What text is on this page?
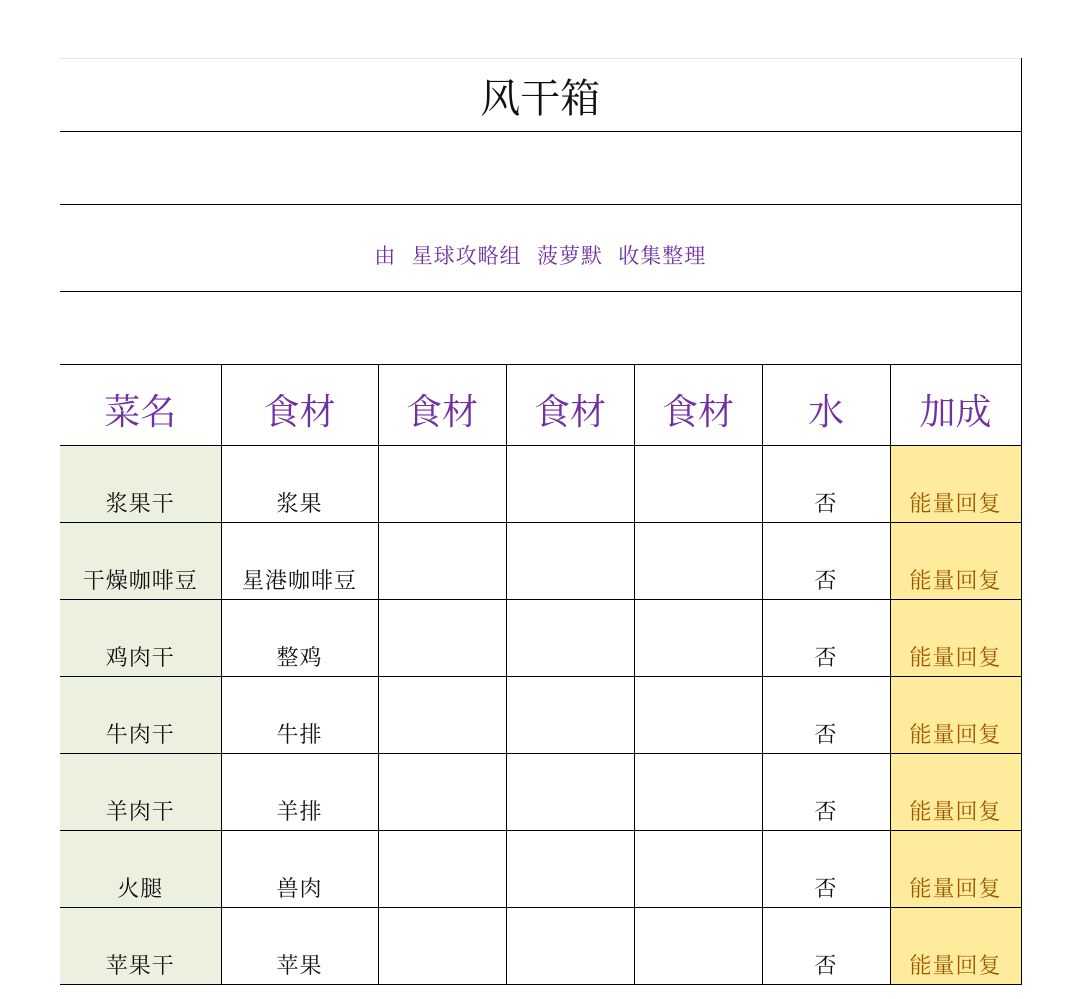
风干箱						

由  星球攻略组  菠萝默  收集整理						

菜名	食材	食材	食材	食材	水	加成
浆果干	浆果				否	能量回复
干燥咖啡豆	星港咖啡豆				否	能量回复
鸡肉干	整鸡				否	能量回复
牛肉干	牛排				否	能量回复
羊肉干	羊排				否	能量回复
火腿	兽肉				否	能量回复
苹果干	苹果				否	能量回复
